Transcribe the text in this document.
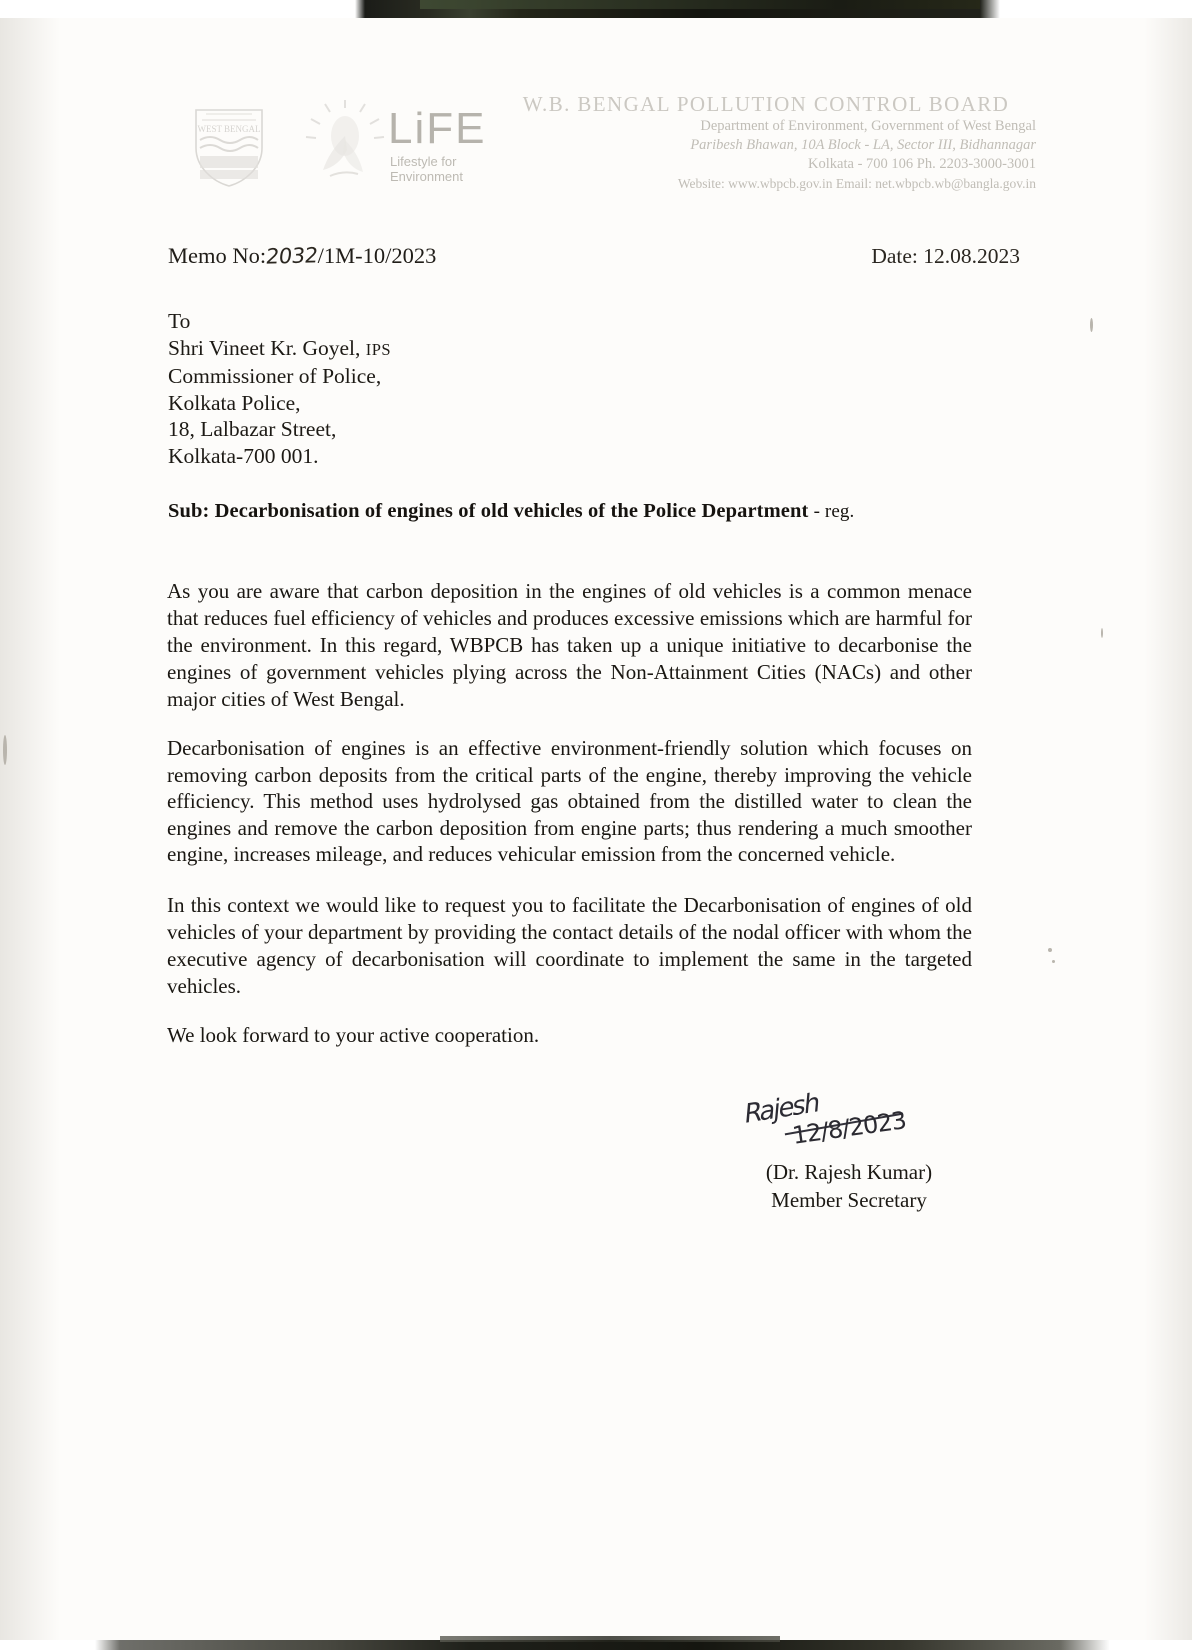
WEST BENGAL	LiFE
Lifestyle for Environment
W.B. BENGAL POLLUTION CONTROL BOARD
Department of Environment, Government of West Bengal
Paribesh Bhawan, 10A Block - LA, Sector III, Bidhannagar
Kolkata - 700 106 Ph. 2203-3000-3001
Website: www.wbpcb.gov.in Email: net.wbpcb.wb@bangla.gov.in
Memo No:2032/1M-10/2023	Date: 12.08.2023
To
Shri Vineet Kr. Goyel, IPS
Commissioner of Police,
Kolkata Police,
18, Lalbazar Street,
Kolkata-700 001.
Sub: Decarbonisation of engines of old vehicles of the Police Department - reg.

As you are aware that carbon deposition in the engines of old vehicles is a common menace that reduces fuel efficiency of vehicles and produces excessive emissions which are harmful for the environment. In this regard, WBPCB has taken up a unique initiative to decarbonise the engines of government vehicles plying across the Non-Attainment Cities (NACs) and other major cities of West Bengal.

Decarbonisation of engines is an effective environment-friendly solution which focuses on removing carbon deposits from the critical parts of the engine, thereby improving the vehicle efficiency. This method uses hydrolysed gas obtained from the distilled water to clean the engines and remove the carbon deposition from engine parts; thus rendering a much smoother engine, increases mileage, and reduces vehicular emission from the concerned vehicle.

In this context we would like to request you to facilitate the Decarbonisation of engines of old vehicles of your department by providing the contact details of the nodal officer with whom the executive agency of decarbonisation will coordinate to implement the same in the targeted vehicles.

We look forward to your active cooperation.

Rajesh
12/8/2023
(Dr. Rajesh Kumar)
Member Secretary
